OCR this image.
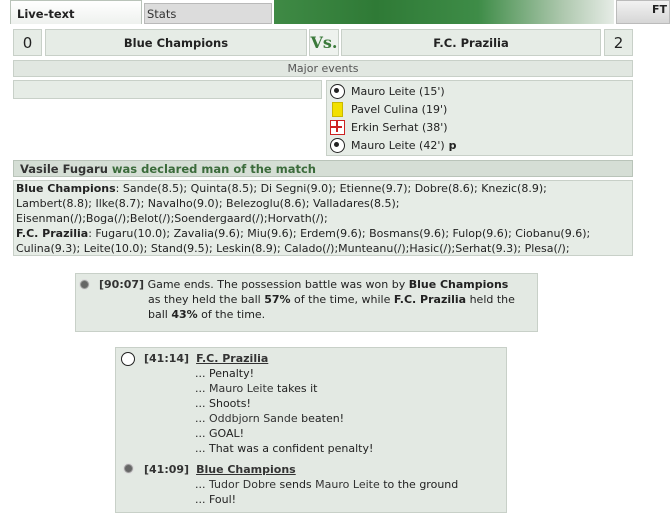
Live-text	Stats	FT
0	Blue Champions	Vs.	F.C. Prazilia	2
Major events
Mauro Leite (15')
Pavel Culina (19')
Erkin Serhat (38')
Mauro Leite (42') p
Vasile Fugaru was declared man of the match
Blue Champions: Sande(8.5); Quinta(8.5); Di Segni(9.0); Etienne(9.7); Dobre(8.6); Knezic(8.9);
Lambert(8.8); Ilke(8.7); Navalho(9.0); Belezoglu(8.6); Valladares(8.5);
Eisenman(/);Boga(/);Belot(/);Soendergaard(/);Horvath(/);
F.C. Prazilia: Fugaru(10.0); Zavalia(9.6); Miu(9.6); Erdem(9.6); Bosmans(9.6); Fulop(9.6); Ciobanu(9.6);
Culina(9.3); Leite(10.0); Stand(9.5); Leskin(8.9); Calado(/);Munteanu(/);Hasic(/);Serhat(9.3); Plesa(/);
[90:07] Game ends. The possession battle was won by Blue Champions
as they held the ball 57% of the time, while F.C. Prazilia held the
ball 43% of the time.
[41:14] F.C. Prazilia
... Penalty!
... Mauro Leite takes it
... Shoots!
... Oddbjorn Sande beaten!
... GOAL!
... That was a confident penalty!
[41:09] Blue Champions
... Tudor Dobre sends Mauro Leite to the ground
... Foul!
